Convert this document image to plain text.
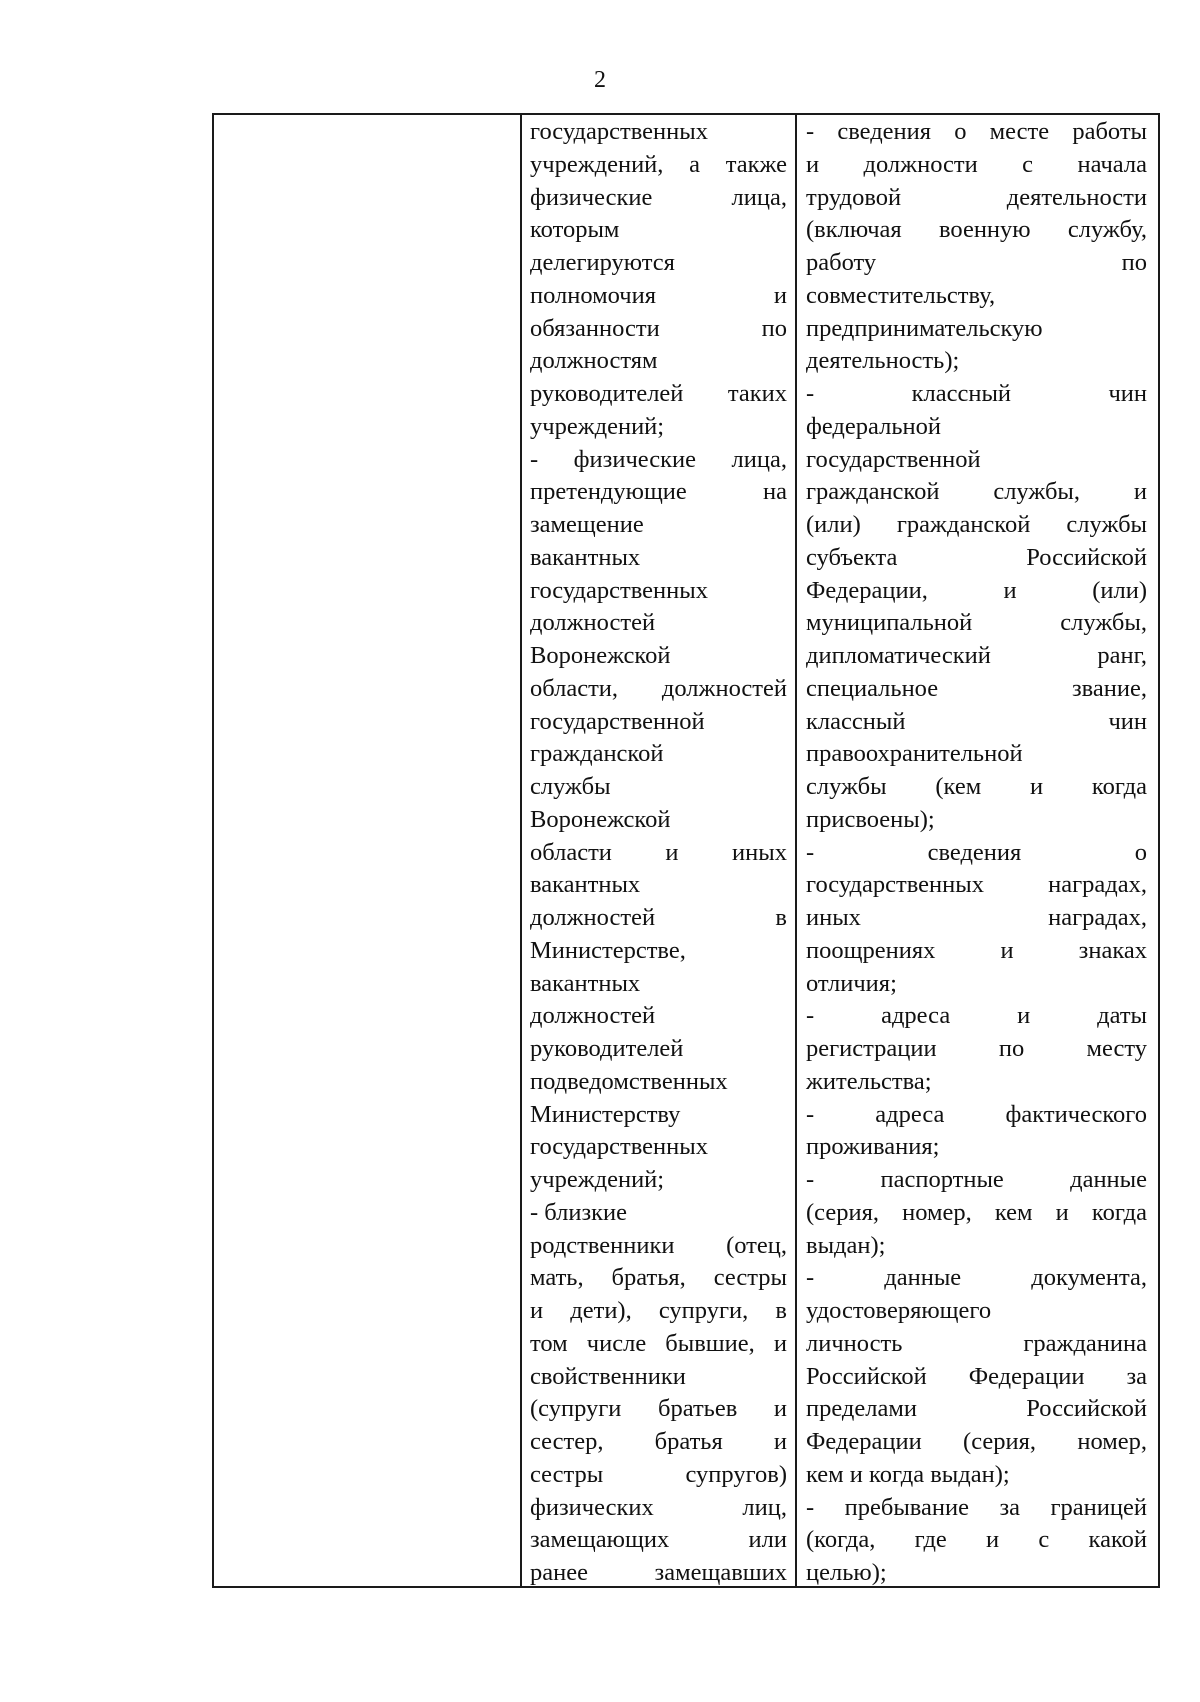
2
государственных
учреждений, а также
физические лица,
которым
делегируются
полномочия и
обязанности по
должностям
руководителей таких
учреждений;
- физические лица,
претендующие на
замещение
вакантных
государственных
должностей
Воронежской
области, должностей
государственной
гражданской
службы
Воронежской
области и иных
вакантных
должностей в
Министерстве,
вакантных
должностей
руководителей
подведомственных
Министерству
государственных
учреждений;
- близкие
родственники (отец,
мать, братья, сестры
и дети), супруги, в
том числе бывшие, и
свойственники
(супруги братьев и
сестер, братья и
сестры супругов)
физических лиц,
замещающих или
ранее замещавших
- сведения о месте работы
и должности с начала
трудовой деятельности
(включая военную службу,
работу по
совместительству,
предпринимательскую
деятельность);
- классный чин
федеральной
государственной
гражданской службы, и
(или) гражданской службы
субъекта Российской
Федерации, и (или)
муниципальной службы,
дипломатический ранг,
специальное звание,
классный чин
правоохранительной
службы (кем и когда
присвоены);
- сведения о
государственных наградах,
иных наградах,
поощрениях и знаках
отличия;
- адреса и даты
регистрации по месту
жительства;
- адреса фактического
проживания;
- паспортные данные
(серия, номер, кем и когда
выдан);
- данные документа,
удостоверяющего
личность гражданина
Российской Федерации за
пределами Российской
Федерации (серия, номер,
кем и когда выдан);
- пребывание за границей
(когда, где и с какой
целью);
